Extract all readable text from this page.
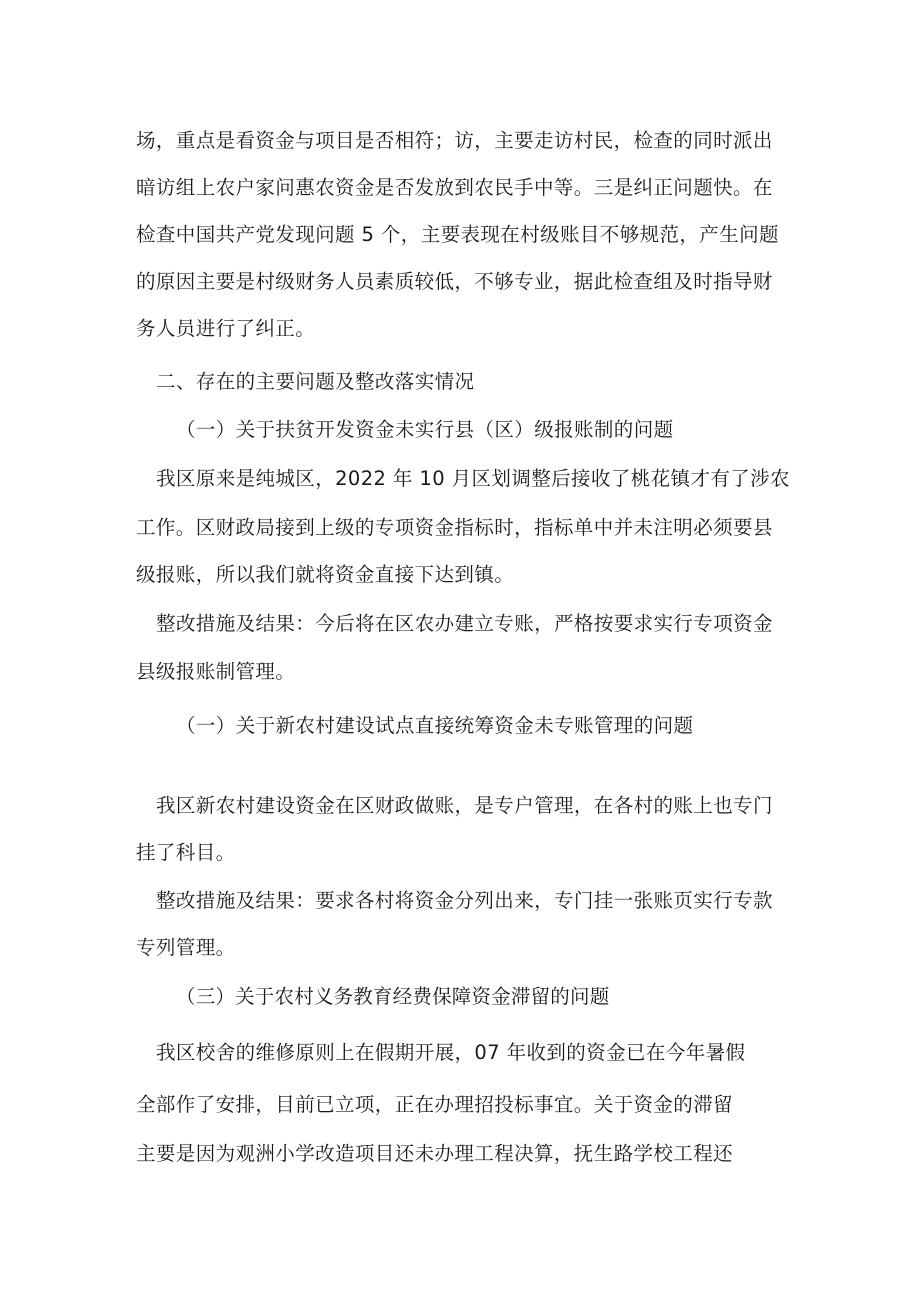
场，重点是看资金与项目是否相符；访，主要走访村民，检查的同时派出

暗访组上农户家问惠农资金是否发放到农民手中等。三是纠正问题快。在

检查中国共产党发现问题 5 个，主要表现在村级账目不够规范，产生问题

的原因主要是村级财务人员素质较低，不够专业，据此检查组及时指导财

务人员进行了纠正。

二、存在的主要问题及整改落实情况

（一）关于扶贫开发资金未实行县（区）级报账制的问题

我区原来是纯城区，2022 年 10 月区划调整后接收了桃花镇才有了涉农

工作。区财政局接到上级的专项资金指标时，指标单中并未注明必须要县

级报账，所以我们就将资金直接下达到镇。

整改措施及结果：今后将在区农办建立专账，严格按要求实行专项资金

县级报账制管理。

（一）关于新农村建设试点直接统筹资金未专账管理的问题

我区新农村建设资金在区财政做账，是专户管理，在各村的账上也专门

挂了科目。

整改措施及结果：要求各村将资金分列出来，专门挂一张账页实行专款

专列管理。

（三）关于农村义务教育经费保障资金滞留的问题

我区校舍的维修原则上在假期开展，07 年收到的资金已在今年暑假

全部作了安排，目前已立项，正在办理招投标事宜。关于资金的滞留

主要是因为观洲小学改造项目还未办理工程决算，抚生路学校工程还
